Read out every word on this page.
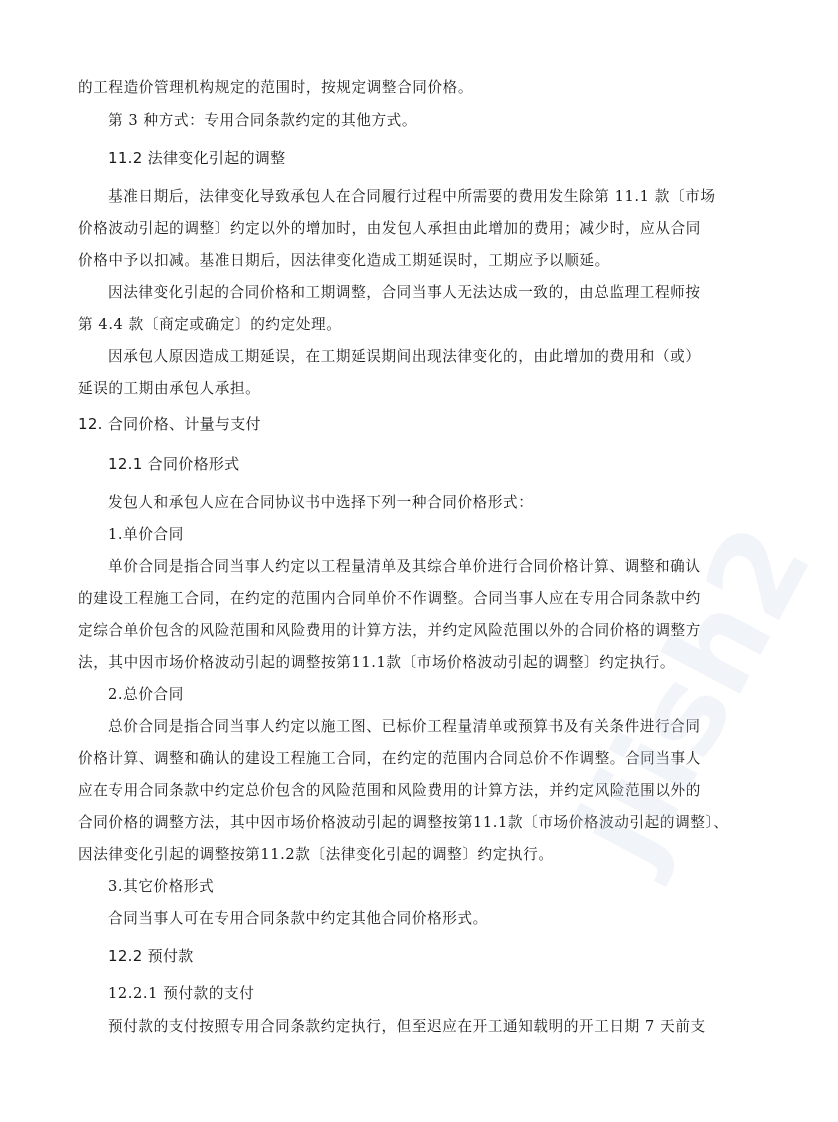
的工程造价管理机构规定的范围时，按规定调整合同价格。
第 3 种方式：专用合同条款约定的其他方式。
11.2 法律变化引起的调整
基准日期后，法律变化导致承包人在合同履行过程中所需要的费用发生除第 11.1 款〔市场
价格波动引起的调整〕约定以外的增加时，由发包人承担由此增加的费用；减少时，应从合同
价格中予以扣减。基准日期后，因法律变化造成工期延误时，工期应予以顺延。
因法律变化引起的合同价格和工期调整，合同当事人无法达成一致的，由总监理工程师按
第 4.4 款〔商定或确定〕的约定处理。
因承包人原因造成工期延误，在工期延误期间出现法律变化的，由此增加的费用和（或）
延误的工期由承包人承担。
12. 合同价格、计量与支付
12.1 合同价格形式
发包人和承包人应在合同协议书中选择下列一种合同价格形式：
1.单价合同
单价合同是指合同当事人约定以工程量清单及其综合单价进行合同价格计算、调整和确认
的建设工程施工合同，在约定的范围内合同单价不作调整。合同当事人应在专用合同条款中约
定综合单价包含的风险范围和风险费用的计算方法，并约定风险范围以外的合同价格的调整方
法，其中因市场价格波动引起的调整按第11.1款〔市场价格波动引起的调整〕约定执行。
2.总价合同
总价合同是指合同当事人约定以施工图、已标价工程量清单或预算书及有关条件进行合同
价格计算、调整和确认的建设工程施工合同，在约定的范围内合同总价不作调整。合同当事人
应在专用合同条款中约定总价包含的风险范围和风险费用的计算方法，并约定风险范围以外的
合同价格的调整方法，其中因市场价格波动引起的调整按第11.1款〔市场价格波动引起的调整〕、
因法律变化引起的调整按第11.2款〔法律变化引起的调整〕约定执行。
3.其它价格形式
合同当事人可在专用合同条款中约定其他合同价格形式。
12.2 预付款
12.2.1 预付款的支付
预付款的支付按照专用合同条款约定执行，但至迟应在开工通知载明的开工日期 7 天前支
jiish2
